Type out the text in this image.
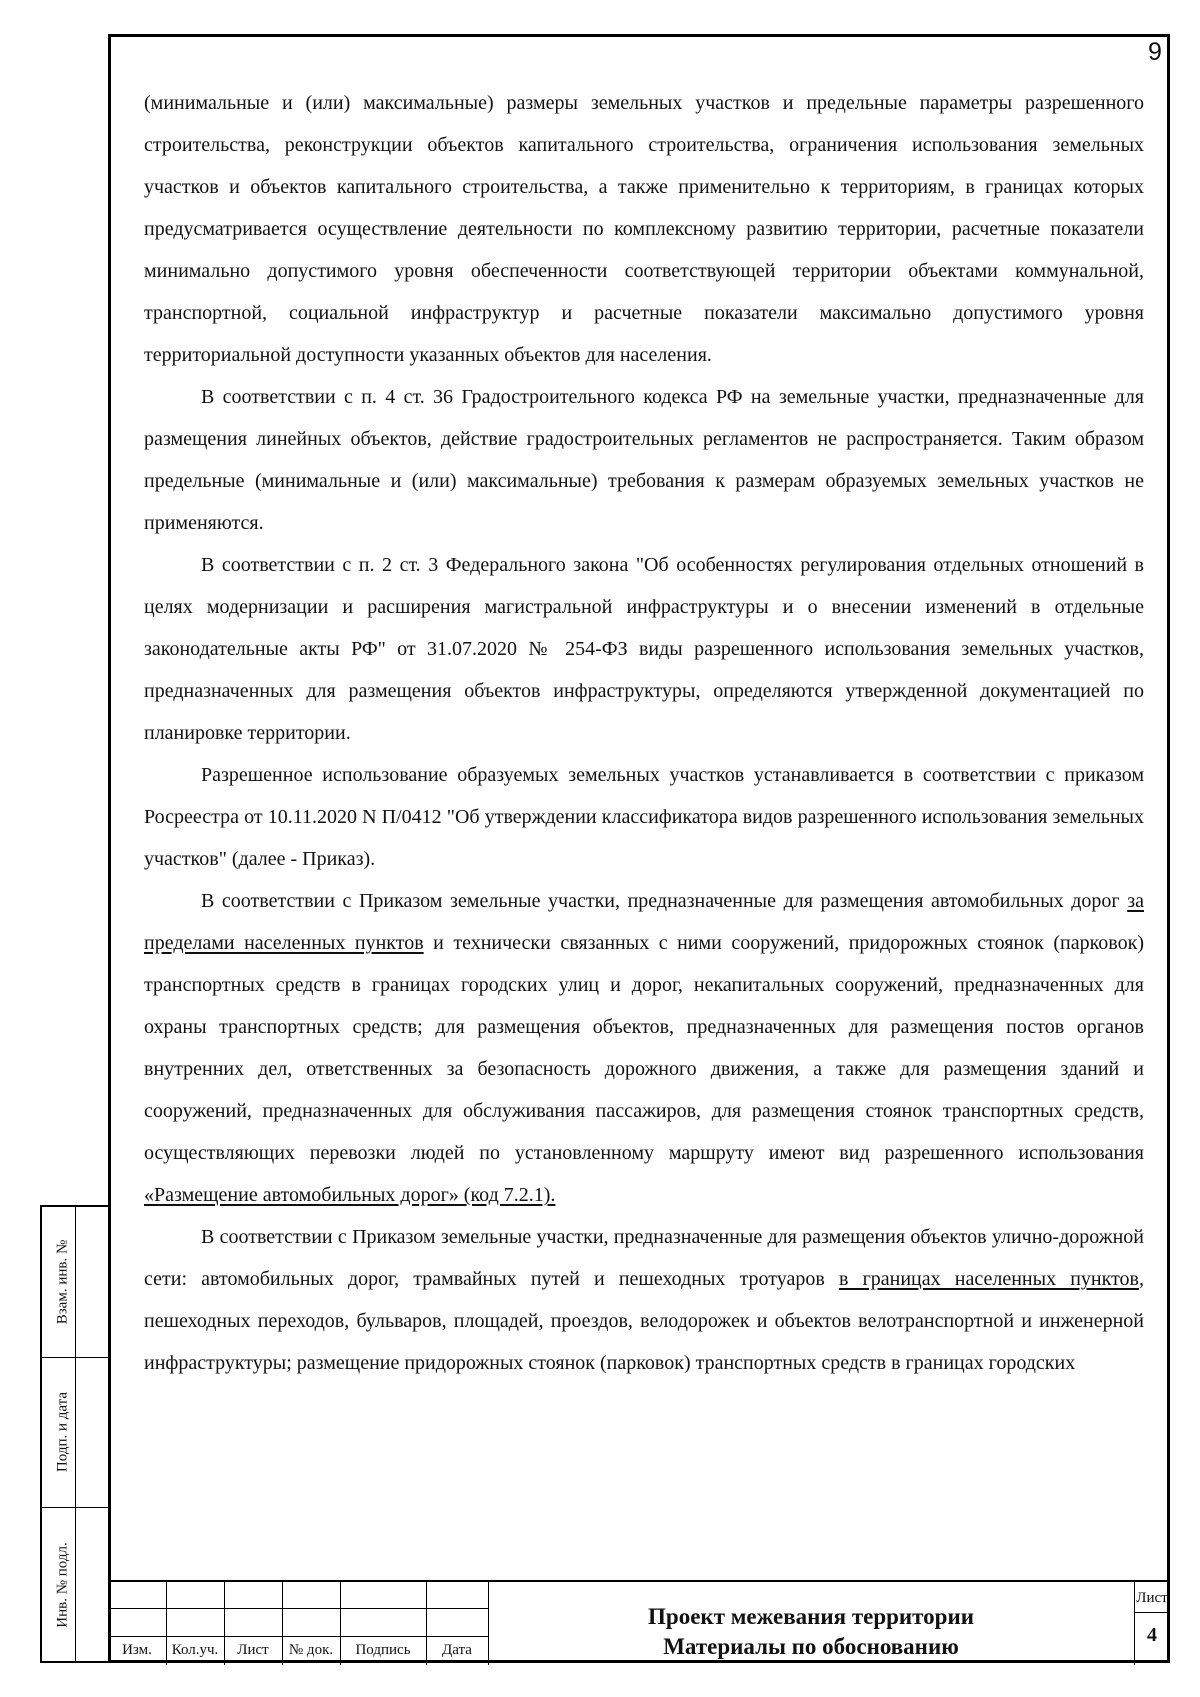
9

(минимальные и (или) максимальные) размеры земельных участков и предельные параметры разрешенного строительства, реконструкции объектов капитального строительства, ограничения использования земельных участков и объектов капитального строительства, а также применительно к территориям, в границах которых предусматривается осуществление деятельности по комплексному развитию территории, расчетные показатели минимально допустимого уровня обеспеченности соответствующей территории объектами коммунальной, транспортной, социальной инфраструктур и расчетные показатели максимально допустимого уровня территориальной доступности указанных объектов для населения.

В соответствии с п. 4 ст. 36 Градостроительного кодекса РФ на земельные участки, предназначенные для размещения линейных объектов, действие градостроительных регламентов не распространяется. Таким образом предельные (минимальные и (или) максимальные) требования к размерам образуемых земельных участков не применяются.

В соответствии с п. 2 ст. 3 Федерального закона "Об особенностях регулирования отдельных отношений в целях модернизации и расширения магистральной инфраструктуры и о внесении изменений в отдельные законодательные акты РФ" от 31.07.2020 № 254-ФЗ виды разрешенного использования земельных участков, предназначенных для размещения объектов инфраструктуры, определяются утвержденной документацией по планировке территории.

Разрешенное использование образуемых земельных участков устанавливается в соответствии с приказом Росреестра от 10.11.2020 N П/0412 "Об утверждении классификатора видов разрешенного использования земельных участков" (далее - Приказ).

В соответствии с Приказом земельные участки, предназначенные для размещения автомобильных дорог за пределами населенных пунктов и технически связанных с ними сооружений, придорожных стоянок (парковок) транспортных средств в границах городских улиц и дорог, некапитальных сооружений, предназначенных для охраны транспортных средств; для размещения объектов, предназначенных для размещения постов органов внутренних дел, ответственных за безопасность дорожного движения, а также для размещения зданий и сооружений, предназначенных для обслуживания пассажиров, для размещения стоянок транспортных средств, осуществляющих перевозки людей по установленному маршруту имеют вид разрешенного использования «Размещение автомобильных дорог» (код 7.2.1).

В соответствии с Приказом земельные участки, предназначенные для размещения объектов улично-дорожной сети: автомобильных дорог, трамвайных путей и пешеходных тротуаров в границах населенных пунктов, пешеходных переходов, бульваров, площадей, проездов, велодорожек и объектов велотранспортной и инженерной инфраструктуры; размещение придорожных стоянок (парковок) транспортных средств в границах городских

Взам. инв. №
Подп. и дата
Инв. № подл.
Изм.	Кол.уч.	Лист	№ док.	Подпись	Дата
Проект межевания территории
Материалы по обоснованию
Лист
4
